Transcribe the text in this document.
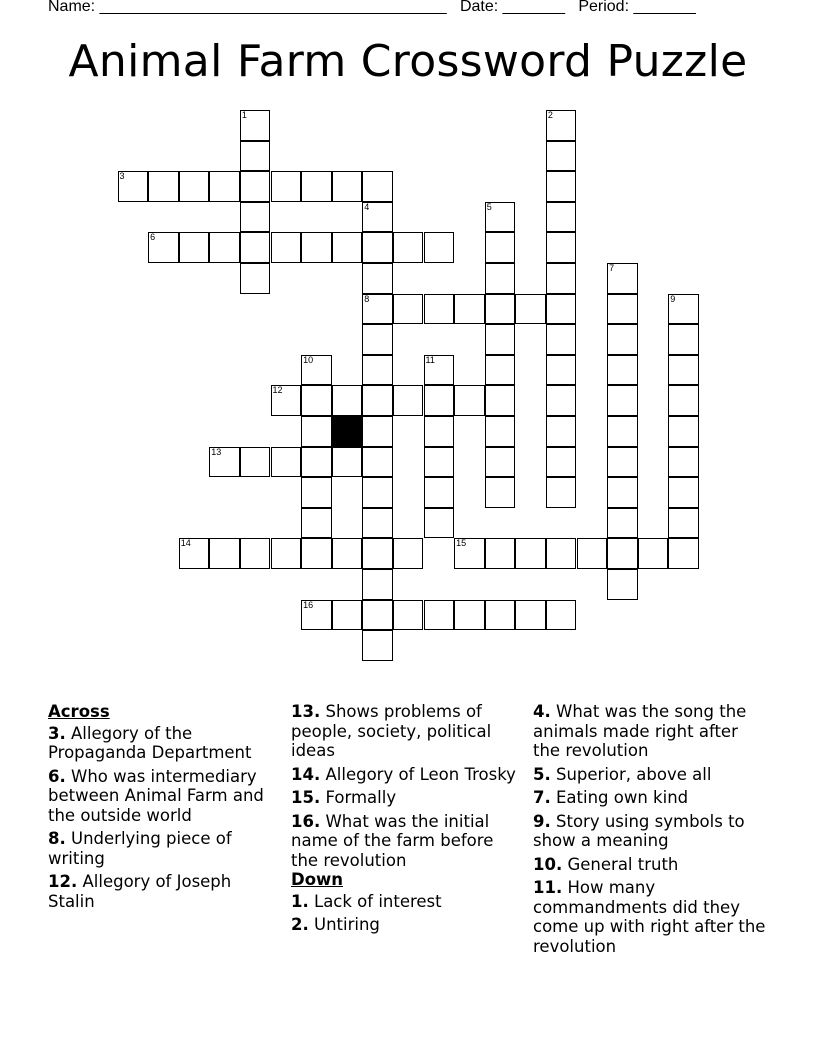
Name: _______________________________________ Date: _______ Period: _______
Animal Farm Crossword Puzzle
1	2
3
4
8
5
6
7
9
10	11
12
13
14	15
16
Across
3. Allegory of the Propaganda Department
6. Who was intermediary between Animal Farm and the outside world
8. Underlying piece of writing
12. Allegory of Joseph Stalin
13. Shows problems of people, society, political ideas
14. Allegory of Leon Trosky
15. Formally
16. What was the initial name of the farm before the revolution
Down
1. Lack of interest
2. Untiring
4. What was the song the animals made right after the revolution
5. Superior, above all
7. Eating own kind
9. Story using symbols to show a meaning
10. General truth
11. How many commandments did they come up with right after the revolution
